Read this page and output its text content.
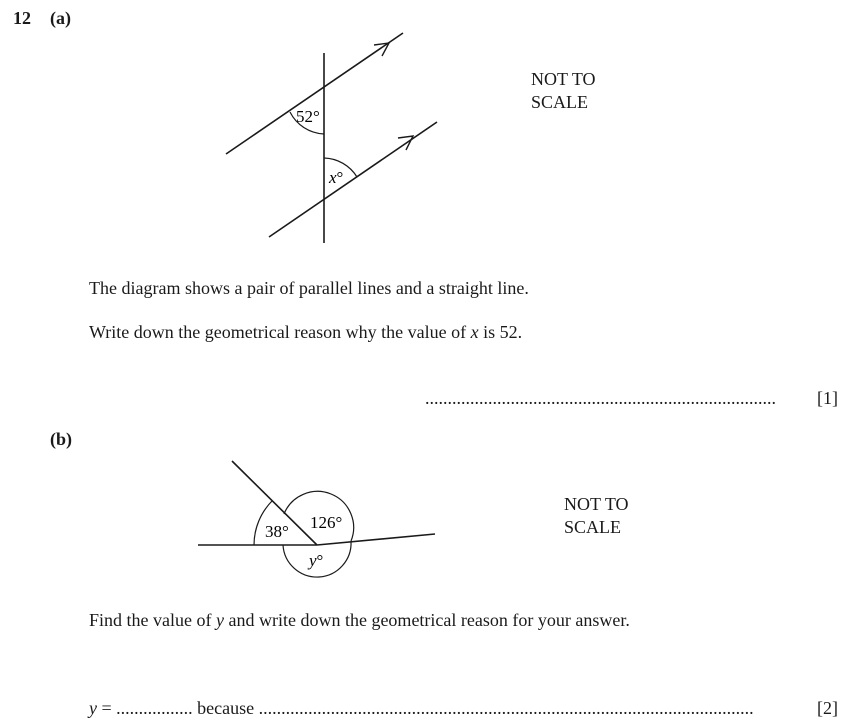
12 (a)
52°
x°
NOT TO
SCALE
The diagram shows a pair of parallel lines and a straight line.
Write down the geometrical reason why the value of x is 52.
.............................................................................. [1]
(b)
38° 126°
y°
NOT TO
SCALE
Find the value of y and write down the geometrical reason for your answer.
y = ................. because ..............................................................................................................	[2]
